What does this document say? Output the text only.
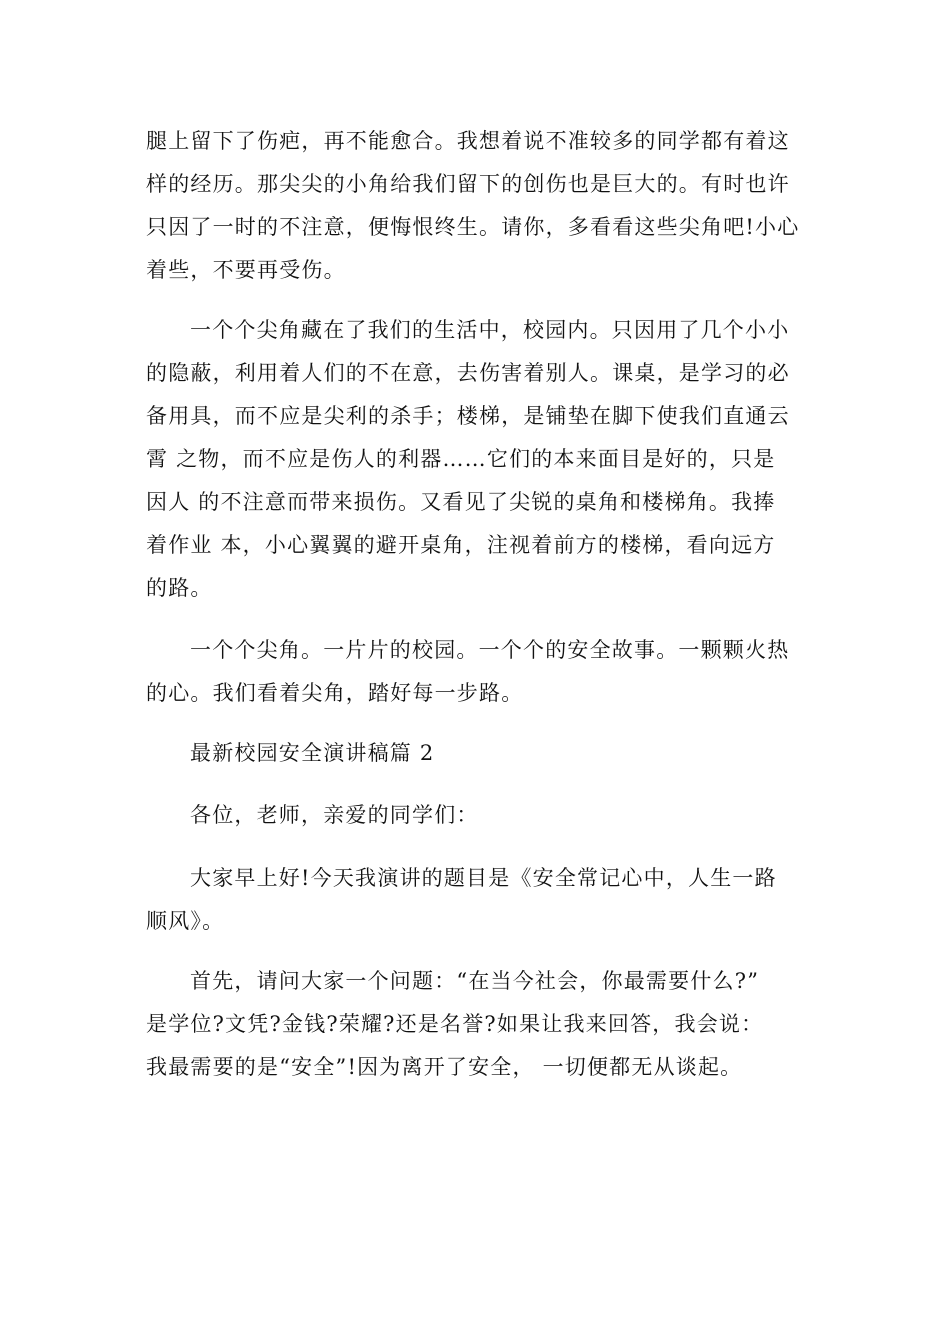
腿上留下了伤疤，再不能愈合。我想着说不准较多的同学都有着这
样的经历。那尖尖的小角给我们留下的创伤也是巨大的。有时也许
只因了一时的不注意，便悔恨终生。请你，多看看这些尖角吧!小心
着些，不要再受伤。
一个个尖角藏在了我们的生活中，校园内。只因用了几个小小
的隐蔽，利用着人们的不在意，去伤害着别人。课桌，是学习的必
备用具，而不应是尖利的杀手；楼梯，是铺垫在脚下使我们直通云
霄 之物，而不应是伤人的利器……它们的本来面目是好的，只是
因人 的不注意而带来损伤。又看见了尖锐的桌角和楼梯角。我捧
着作业 本，小心翼翼的避开桌角，注视着前方的楼梯，看向远方
的路。
一个个尖角。一片片的校园。一个个的安全故事。一颗颗火热
的心。我们看着尖角，踏好每一步路。
最新校园安全演讲稿篇 2
各位，老师，亲爱的同学们：
大家早上好!今天我演讲的题目是《安全常记心中，人生一路
顺风》。
首先，请问大家一个问题：“在当今社会，你最需要什么?”
是学位?文凭?金钱?荣耀?还是名誉?如果让我来回答，我会说：
我最需要的是“安全”!因为离开了安全， 一切便都无从谈起。
